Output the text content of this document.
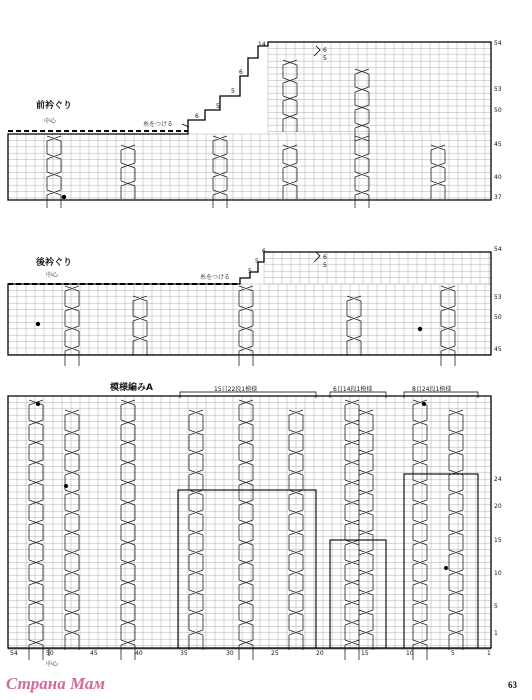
前衿ぐり
中心	糸をつける
54
53
50
45
40
37
14
6
5
5
6
6
5
後衿ぐり
中心	糸をつける
54
53
50
45
6
5
5
6
5
模様編みA	15目22段1模様	6目14段1模様	8目24段1模様
24
20
15
10
5
1
54	50	45	40	35	30	25	20	15	10	5	1
中心
Страна Мам	63
